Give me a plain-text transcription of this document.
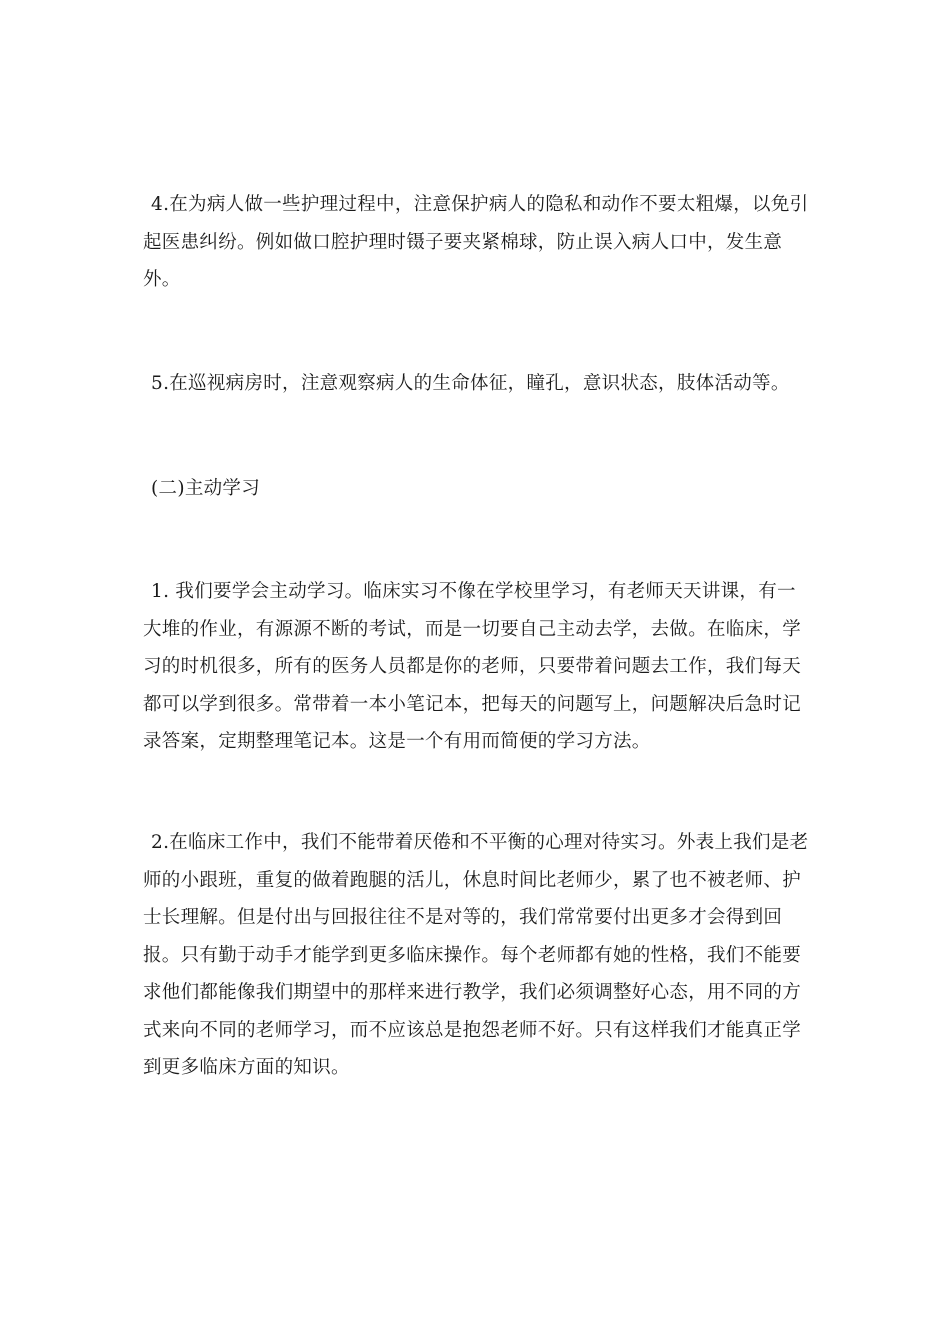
4.在为病人做一些护理过程中，注意保护病人的隐私和动作不要太粗爆，以免引起医患纠纷。例如做口腔护理时镊子要夹紧棉球，防止误入病人口中，发生意外。

5.在巡视病房时，注意观察病人的生命体征，瞳孔，意识状态，肢体活动等。

(二)主动学习

1. 我们要学会主动学习。临床实习不像在学校里学习，有老师天天讲课，有一大堆的作业，有源源不断的考试，而是一切要自己主动去学，去做。在临床，学习的时机很多，所有的医务人员都是你的老师，只要带着问题去工作，我们每天都可以学到很多。常带着一本小笔记本，把每天的问题写上，问题解决后急时记录答案，定期整理笔记本。这是一个有用而简便的学习方法。

2.在临床工作中，我们不能带着厌倦和不平衡的心理对待实习。外表上我们是老师的小跟班，重复的做着跑腿的活儿，休息时间比老师少，累了也不被老师、护士长理解。但是付出与回报往往不是对等的，我们常常要付出更多才会得到回报。只有勤于动手才能学到更多临床操作。每个老师都有她的性格，我们不能要求他们都能像我们期望中的那样来进行教学，我们必须调整好心态，用不同的方式来向不同的老师学习，而不应该总是抱怨老师不好。只有这样我们才能真正学到更多临床方面的知识。
